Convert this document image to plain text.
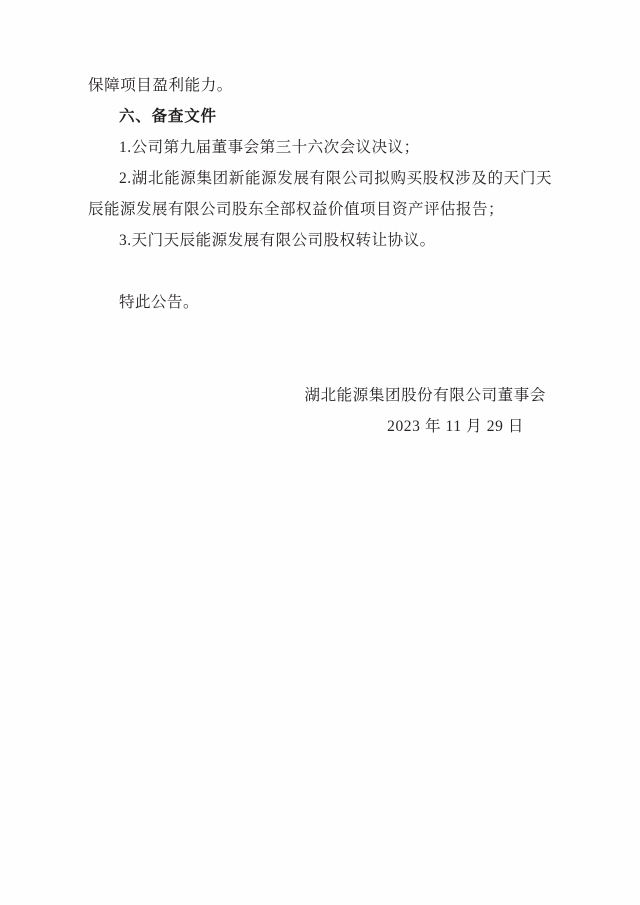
保障项目盈利能力。
六、备查文件
1.公司第九届董事会第三十六次会议决议；
2.湖北能源集团新能源发展有限公司拟购买股权涉及的天门天辰能源发展有限公司股东全部权益价值项目资产评估报告；
3.天门天辰能源发展有限公司股权转让协议。
特此公告。
湖北能源集团股份有限公司董事会
2023 年 11 月 29 日
